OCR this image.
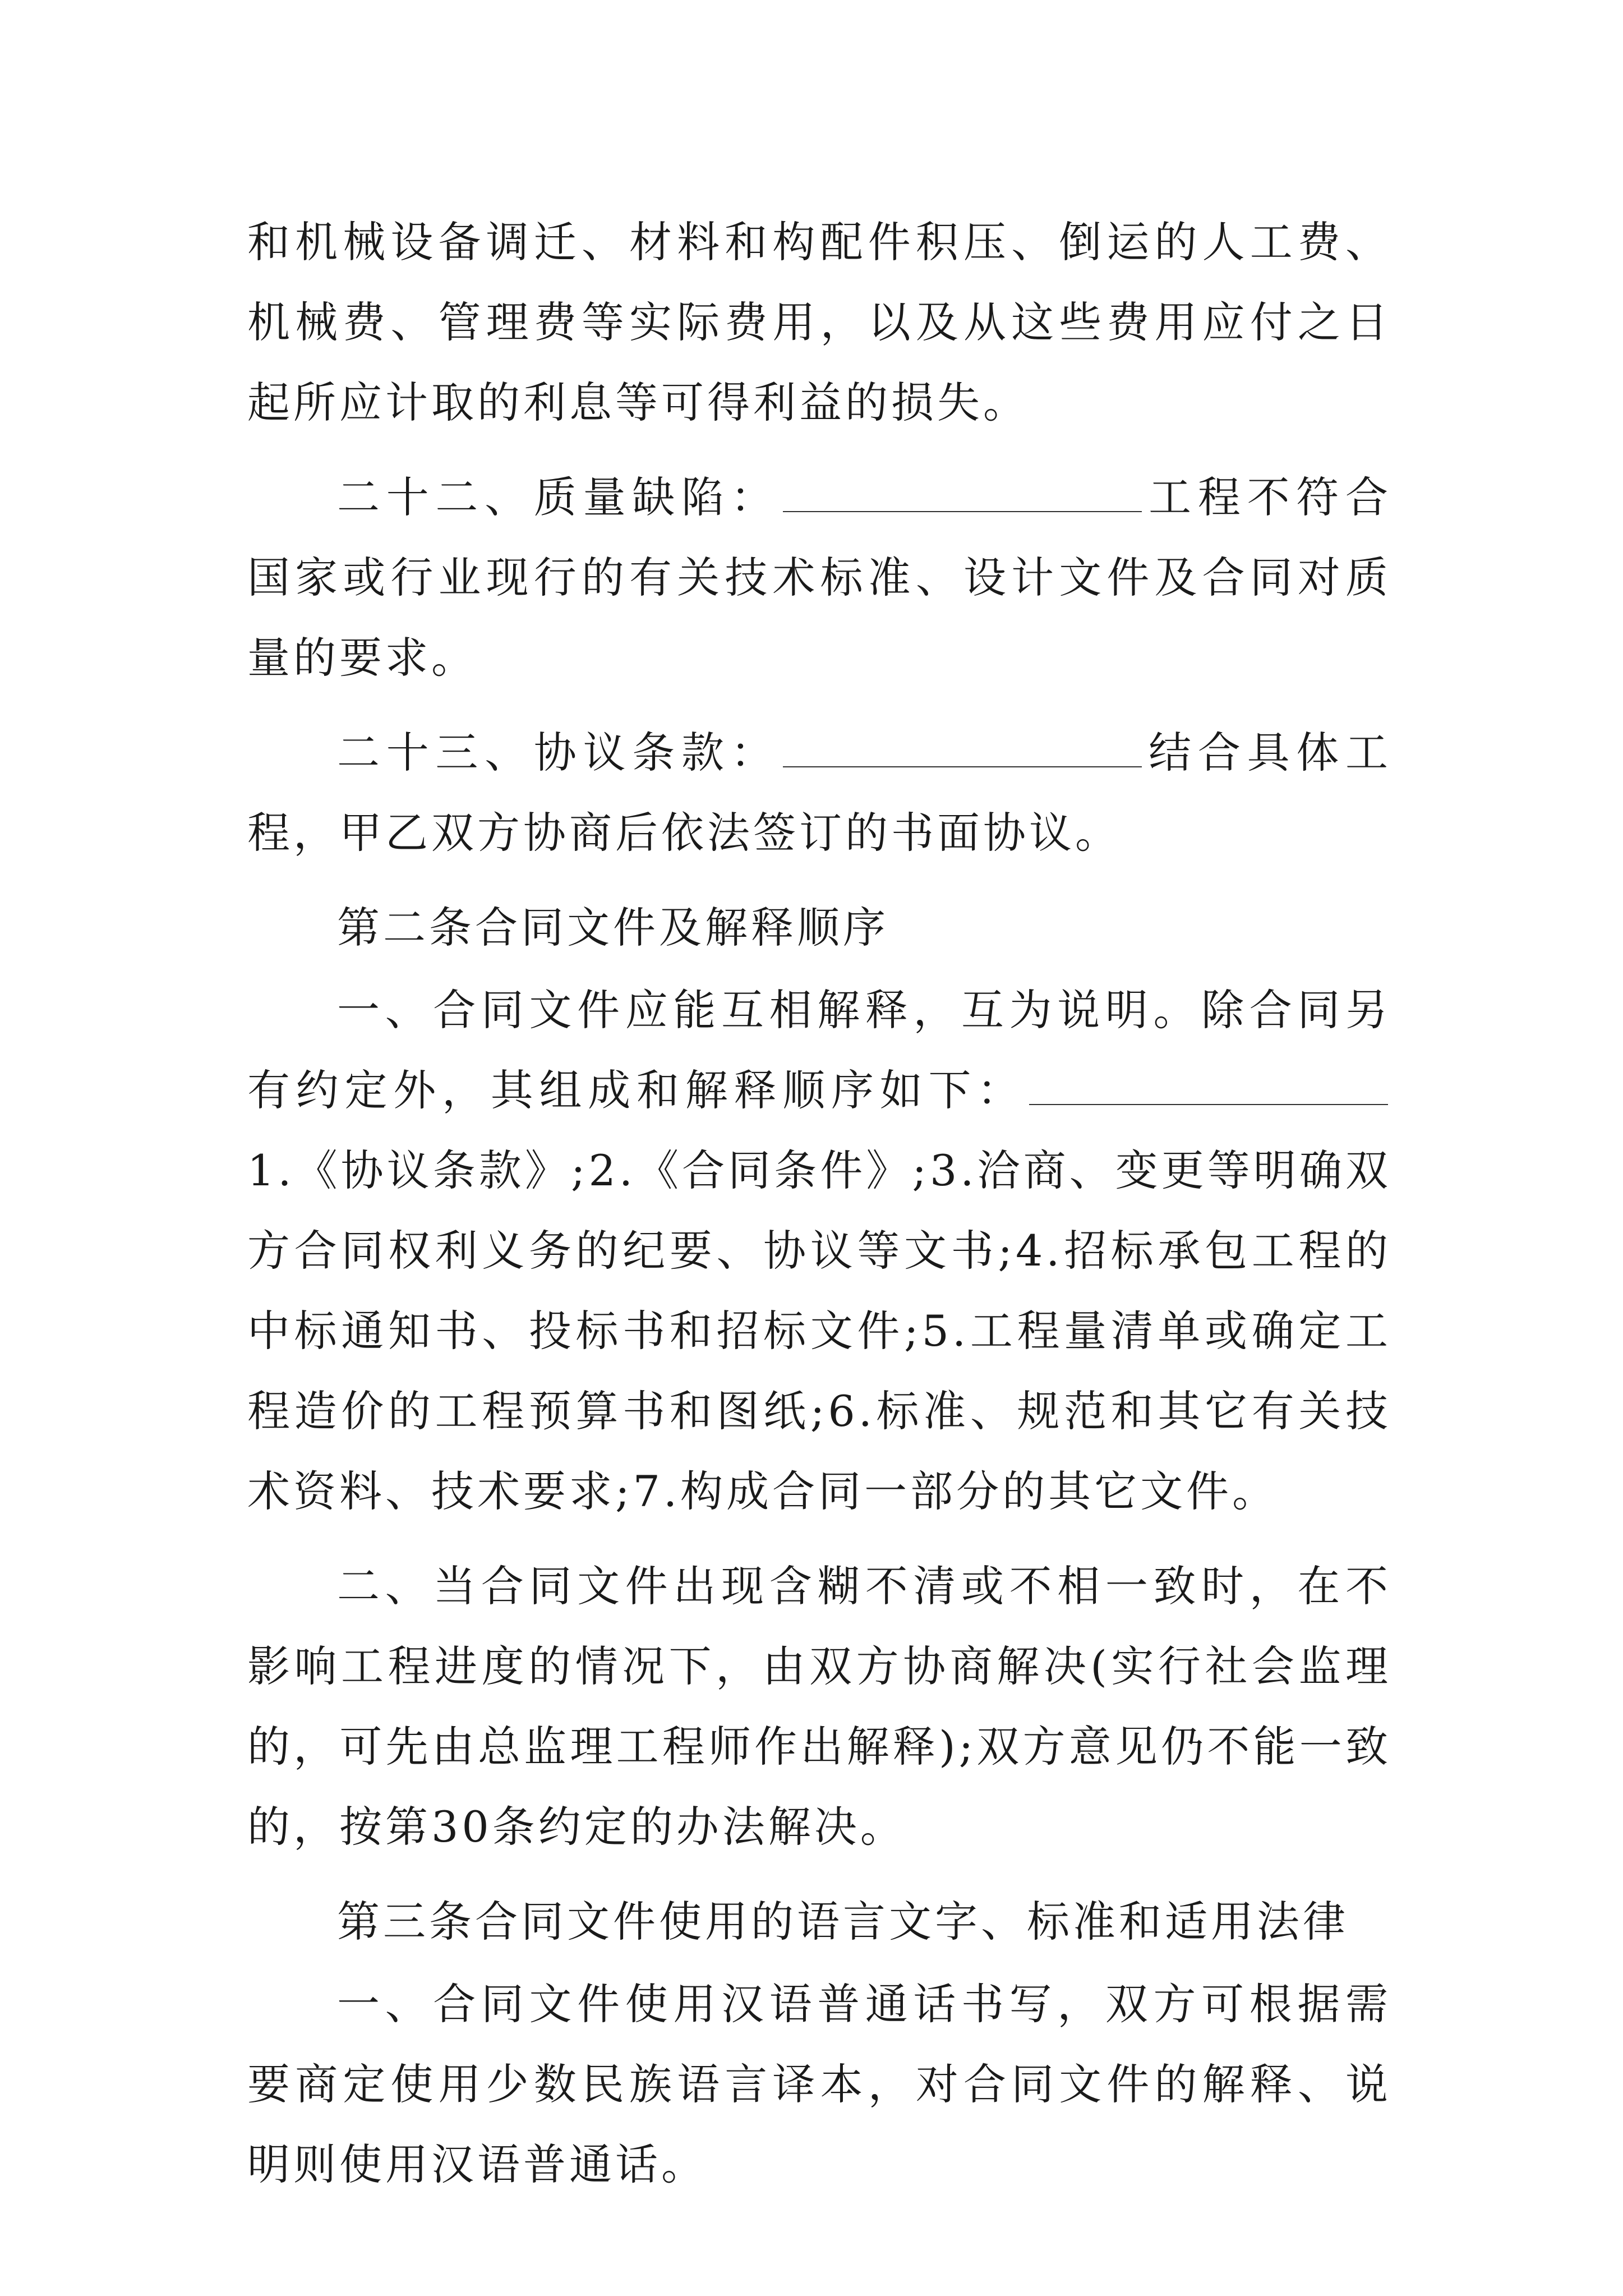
和机械设备调迁、材料和构配件积压、倒运的人工费、机械费、管理费等实际费用，以及从这些费用应付之日起所应计取的利息等可得利益的损失。

二十二、质量缺陷：	工程不符合国家或行业现行的有关技术标准、设计文件及合同对质量的要求。

二十三、协议条款：	结合具体工程，甲乙双方协商后依法签订的书面协议。

第二条合同文件及解释顺序

一、合同文件应能互相解释，互为说明。除合同另有约定外，其组成和解释顺序如下：1.《协议条款》;2.《合同条件》;3.洽商、变更等明确双方合同权利义务的纪要、协议等文书;4.招标承包工程的中标通知书、投标书和招标文件;5.工程量清单或确定工程造价的工程预算书和图纸;6.标准、规范和其它有关技术资料、技术要求;7.构成合同一部分的其它文件。

二、当合同文件出现含糊不清或不相一致时，在不影响工程进度的情况下，由双方协商解决(实行社会监理的，可先由总监理工程师作出解释);双方意见仍不能一致的，按第30条约定的办法解决。

第三条合同文件使用的语言文字、标准和适用法律

一、合同文件使用汉语普通话书写，双方可根据需要商定使用少数民族语言译本，对合同文件的解释、说明则使用汉语普通话。
